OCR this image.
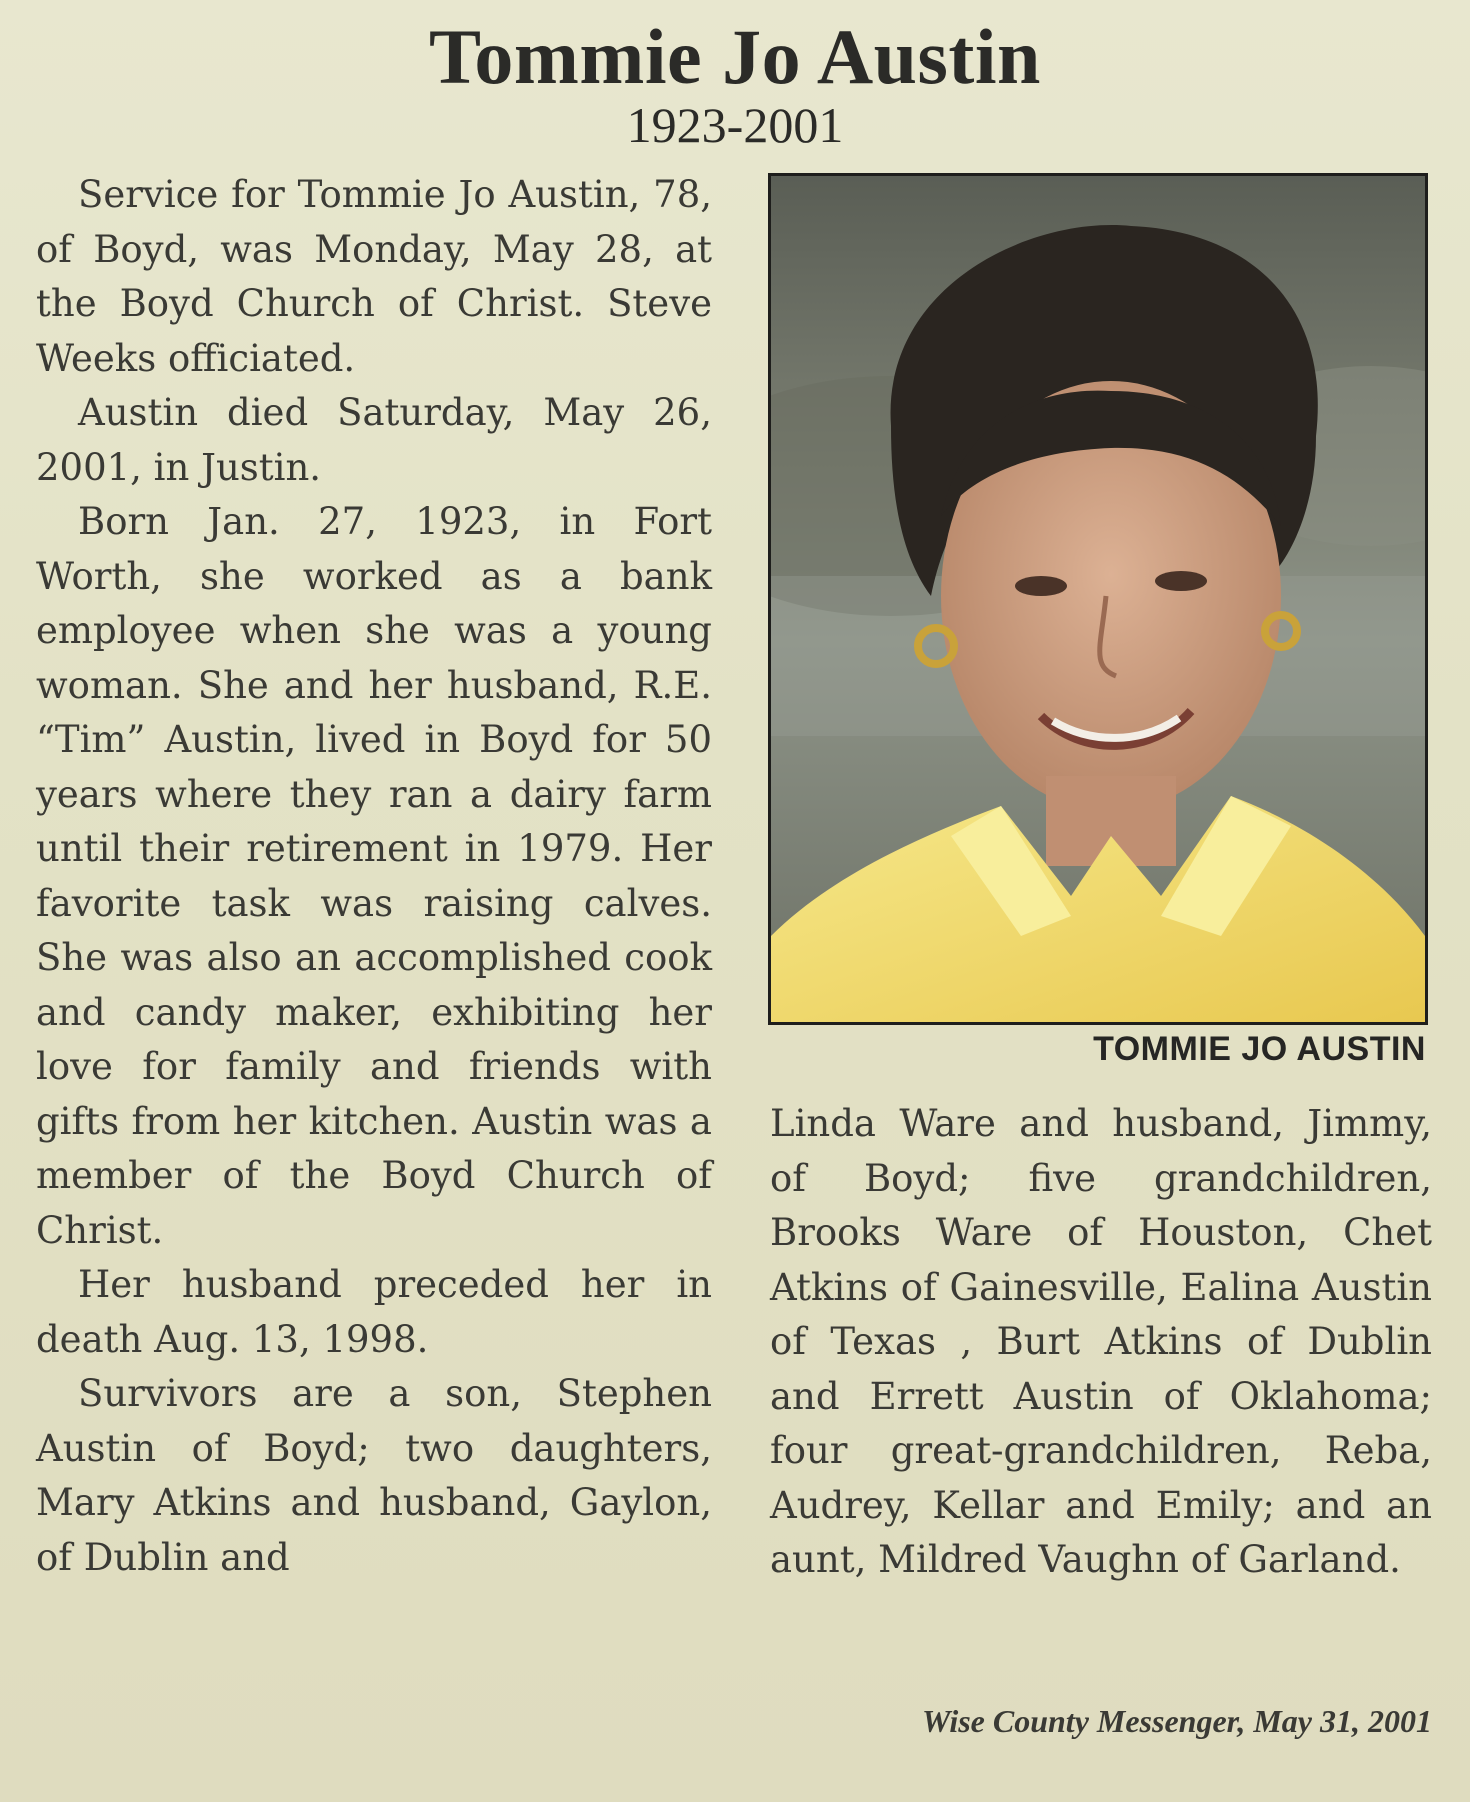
Tommie Jo Austin
1923-2001

Service for Tommie Jo Austin, 78, of Boyd, was Monday, May 28, at the Boyd Church of Christ. Steve Weeks officiated.

Austin died Saturday, May 26, 2001, in Justin.

Born Jan. 27, 1923, in Fort Worth, she worked as a bank employee when she was a young woman. She and her husband, R.E. “Tim” Austin, lived in Boyd for 50 years where they ran a dairy farm until their retirement in 1979. Her favorite task was raising calves. She was also an accomplished cook and candy maker, exhibiting her love for family and friends with gifts from her kitchen. Austin was a member of the Boyd Church of Christ.

Her husband preceded her in death Aug. 13, 1998.

Survivors are a son, Stephen Austin of Boyd; two daughters, Mary Atkins and husband, Gaylon, of Dublin and

TOMMIE JO AUSTIN

Linda Ware and husband, Jimmy, of Boyd; five grandchildren, Brooks Ware of Houston, Chet Atkins of Gainesville, Ealina Austin of Texas , Burt Atkins of Dublin and Errett Austin of Oklahoma; four great-grandchildren, Reba, Audrey, Kellar and Emily; and an aunt, Mildred Vaughn of Garland.

Wise County Messenger, May 31, 2001
